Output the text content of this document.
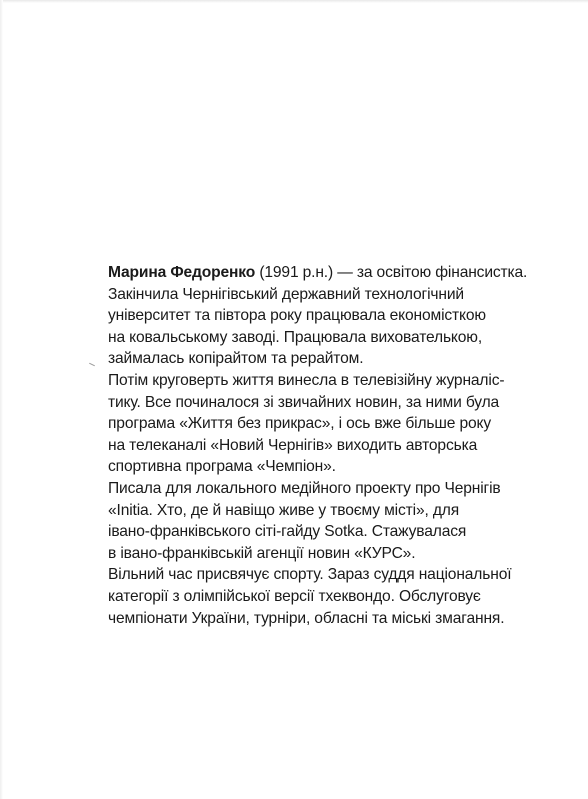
Марина Федоренко (1991 р.н.) — за освітою фінансистка.
Закінчила Чернігівський державний технологічний
університет та півтора року працювала економісткою
на ковальському заводі. Працювала вихователькою,
займалась копірайтом та рерайтом.
Потім круговерть життя винесла в телевізійну журналіс-
тику. Все починалося зі звичайних новин, за ними була
програма «Життя без прикрас», і ось вже більше року
на телеканалі «Новий Чернігів» виходить авторська
спортивна програма «Чемпіон».
Писала для локального медійного проекту про Чернігів
«Initia. Хто, де й навіщо живе у твоєму місті», для
івано-франківського сіті-гайду Sotka. Стажувалася
в івано-франківській агенції новин «КУРС».
Вільний час присвячує спорту. Зараз суддя національної
категорії з олімпійської версії тхеквондо. Обслуговує
чемпіонати України, турніри, обласні та міські змагання.
